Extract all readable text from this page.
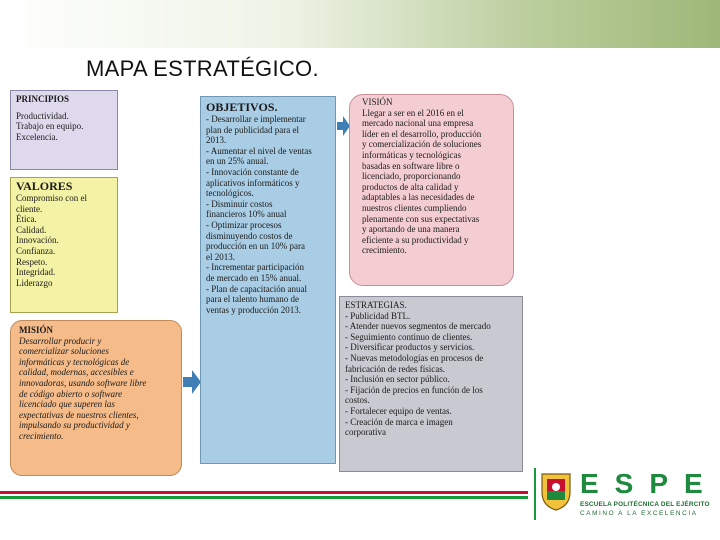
MAPA ESTRATÉGICO.
PRINCIPIOS
Productividad.
Trabajo en equipo.
Excelencia.
VALORES
Compromiso con el
cliente.
Ética.
Calidad.
Innovación.
Confianza.
Respeto.
Integridad.
Liderazgo
MISIÓN
Desarrollar producir y
comercializar soluciones
informáticas y tecnológicas de
calidad, modernas, accesibles e
innovadoras, usando software libre
de código abierto o software
licenciado que superen las
expectativas de nuestros clientes,
impulsando su productividad y
crecimiento.
OBJETIVOS.
- Desarrollar e implementar
plan de publicidad para el
2013.
- Aumentar el nivel de ventas
en un 25% anual.
- Innovación constante de
aplicativos informáticos y
tecnológicos.
- Disminuir costos
financieros 10% anual
- Optimizar procesos
disminuyendo costos de
producción en un 10% para
el 2013.
- Incrementar participación
de mercado en 15% anual.
- Plan de capacitación anual
para el talento humano de
ventas y producción 2013.
VISIÓN
Llegar a ser en el 2016 en el
mercado nacional una empresa
líder en el desarrollo, producción
y comercialización de soluciones
informáticas y tecnológicas
basadas en software libre o
licenciado, proporcionando
productos de alta calidad y
adaptables a las necesidades de
nuestros clientes cumpliendo
plenamente con sus expectativas
y aportando de una manera
eficiente a su productividad y
crecimiento.
ESTRATEGIAS.
- Publicidad BTL.
- Atender nuevos segmentos de mercado
- Seguimiento continuo de clientes.
- Diversificar productos y servicios.
- Nuevas metodologías en procesos de
fabricación de redes físicas.
- Inclusión en sector público.
- Fijación de precios en función de los
costos.
- Fortalecer equipo de ventas.
- Creación de marca e imagen
corporativa
ESPE
ESCUELA POLITÉCNICA DEL EJÉRCITO
CAMINO A LA EXCELENCIA
